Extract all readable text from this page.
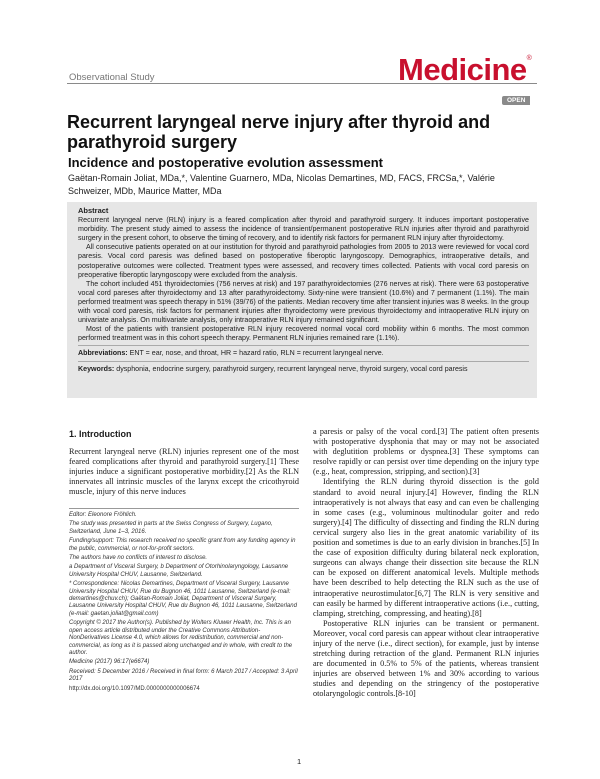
Observational Study	Medicine®
OPEN
Recurrent laryngeal nerve injury after thyroid and parathyroid surgery
Incidence and postoperative evolution assessment
Gaëtan-Romain Joliat, MDa,*, Valentine Guarnero, MDa, Nicolas Demartines, MD, FACS, FRCSa,*, Valérie Schweizer, MDb, Maurice Matter, MDa
Abstract

Recurrent laryngeal nerve (RLN) injury is a feared complication after thyroid and parathyroid surgery. It induces important postoperative morbidity. The present study aimed to assess the incidence of transient/permanent postoperative RLN injuries after thyroid and parathyroid surgery in the present cohort, to observe the timing of recovery, and to identify risk factors for permanent RLN injury after thyroidectomy.

All consecutive patients operated on at our institution for thyroid and parathyroid pathologies from 2005 to 2013 were reviewed for vocal cord paresis. Vocal cord paresis was defined based on postoperative fiberoptic laryngoscopy. Demographics, intraoperative details, and postoperative outcomes were collected. Treatment types were assessed, and recovery times collected. Patients with vocal cord paresis on preoperative fiberoptic laryngoscopy were excluded from the analysis.

The cohort included 451 thyroidectomies (756 nerves at risk) and 197 parathyroidectomies (276 nerves at risk). There were 63 postoperative vocal cord pareses after thyroidectomy and 13 after parathyroidectomy. Sixty-nine were transient (10.6%) and 7 permanent (1.1%). The main performed treatment was speech therapy in 51% (39/76) of the patients. Median recovery time after transient injuries was 8 weeks. In the group with vocal cord paresis, risk factors for permanent injuries after thyroidectomy were previous thyroidectomy and intraoperative RLN injury on univariate analysis. On multivariate analysis, only intraoperative RLN injury remained significant.

Most of the patients with transient postoperative RLN injury recovered normal vocal cord mobility within 6 months. The most common performed treatment was in this cohort speech therapy. Permanent RLN injuries remained rare (1.1%).

Abbreviations: ENT = ear, nose, and throat, HR = hazard ratio, RLN = recurrent laryngeal nerve.
Keywords: dysphonia, endocrine surgery, parathyroid surgery, recurrent laryngeal nerve, thyroid surgery, vocal cord paresis
1. Introduction

Recurrent laryngeal nerve (RLN) injuries represent one of the most feared complications after thyroid and parathyroid surgery.[1] These injuries induce a significant postoperative morbidity.[2] As the RLN innervates all intrinsic muscles of the larynx except the cricothyroid muscle, injury of this nerve induces

Editor: Eleonore Fröhlich.

The study was presented in parts at the Swiss Congress of Surgery, Lugano, Switzerland, June 1–3, 2016.

Funding/support: This research received no specific grant from any funding agency in the public, commercial, or not-for-profit sectors.

The authors have no conflicts of interest to disclose.

a Department of Visceral Surgery, b Department of Otorhinolaryngology, Lausanne University Hospital CHUV, Lausanne, Switzerland.

* Correspondence: Nicolas Demartines, Department of Visceral Surgery, Lausanne University Hospital CHUV, Rue du Bugnon 46, 1011 Lausanne, Switzerland (e-mail: demartines@chuv.ch); Gaëtan-Romain Joliat, Department of Visceral Surgery, Lausanne University Hospital CHUV, Rue du Bugnon 46, 1011 Lausanne, Switzerland (e-mail: gaetan.joliat@gmail.com)

Copyright © 2017 the Author(s). Published by Wolters Kluwer Health, Inc. This is an open access article distributed under the Creative Commons Attribution-NonDerivatives License 4.0, which allows for redistribution, commercial and non-commercial, as long as it is passed along unchanged and in whole, with credit to the author.

Medicine (2017) 96:17(e6674)

Received: 5 December 2016 / Received in final form: 6 March 2017 / Accepted: 3 April 2017

http://dx.doi.org/10.1097/MD.0000000000006674

a paresis or palsy of the vocal cord.[3] The patient often presents with postoperative dysphonia that may or may not be associated with deglutition problems or dyspnea.[3] These symptoms can resolve rapidly or can persist over time depending on the injury type (e.g., heat, compression, stripping, and section).[3]

Identifying the RLN during thyroid dissection is the gold standard to avoid neural injury.[4] However, finding the RLN intraoperatively is not always that easy and can even be challenging in some cases (e.g., voluminous multinodular goiter and redo surgery).[4] The difficulty of dissecting and finding the RLN during cervical surgery also lies in the great anatomic variability of its position and sometimes is due to an early division in branches.[5] In the case of exposition difficulty during bilateral neck exploration, surgeons can always change their dissection site because the RLN can be exposed on different anatomical levels. Multiple methods have been described to help detecting the RLN such as the use of intraoperative neurostimulator.[6,7] The RLN is very sensitive and can easily be harmed by different intraoperative actions (i.e., cutting, clamping, stretching, compressing, and heating).[8]

Postoperative RLN injuries can be transient or permanent. Moreover, vocal cord paresis can appear without clear intraoperative injury of the nerve (i.e., direct section), for example, just by intense stretching during retraction of the gland. Permanent RLN injuries are documented in 0.5% to 5% of the patients, whereas transient injuries are observed between 1% and 30% according to various studies and depending on the stringency of the postoperative otolaryngologic controls.[8-10]

1
